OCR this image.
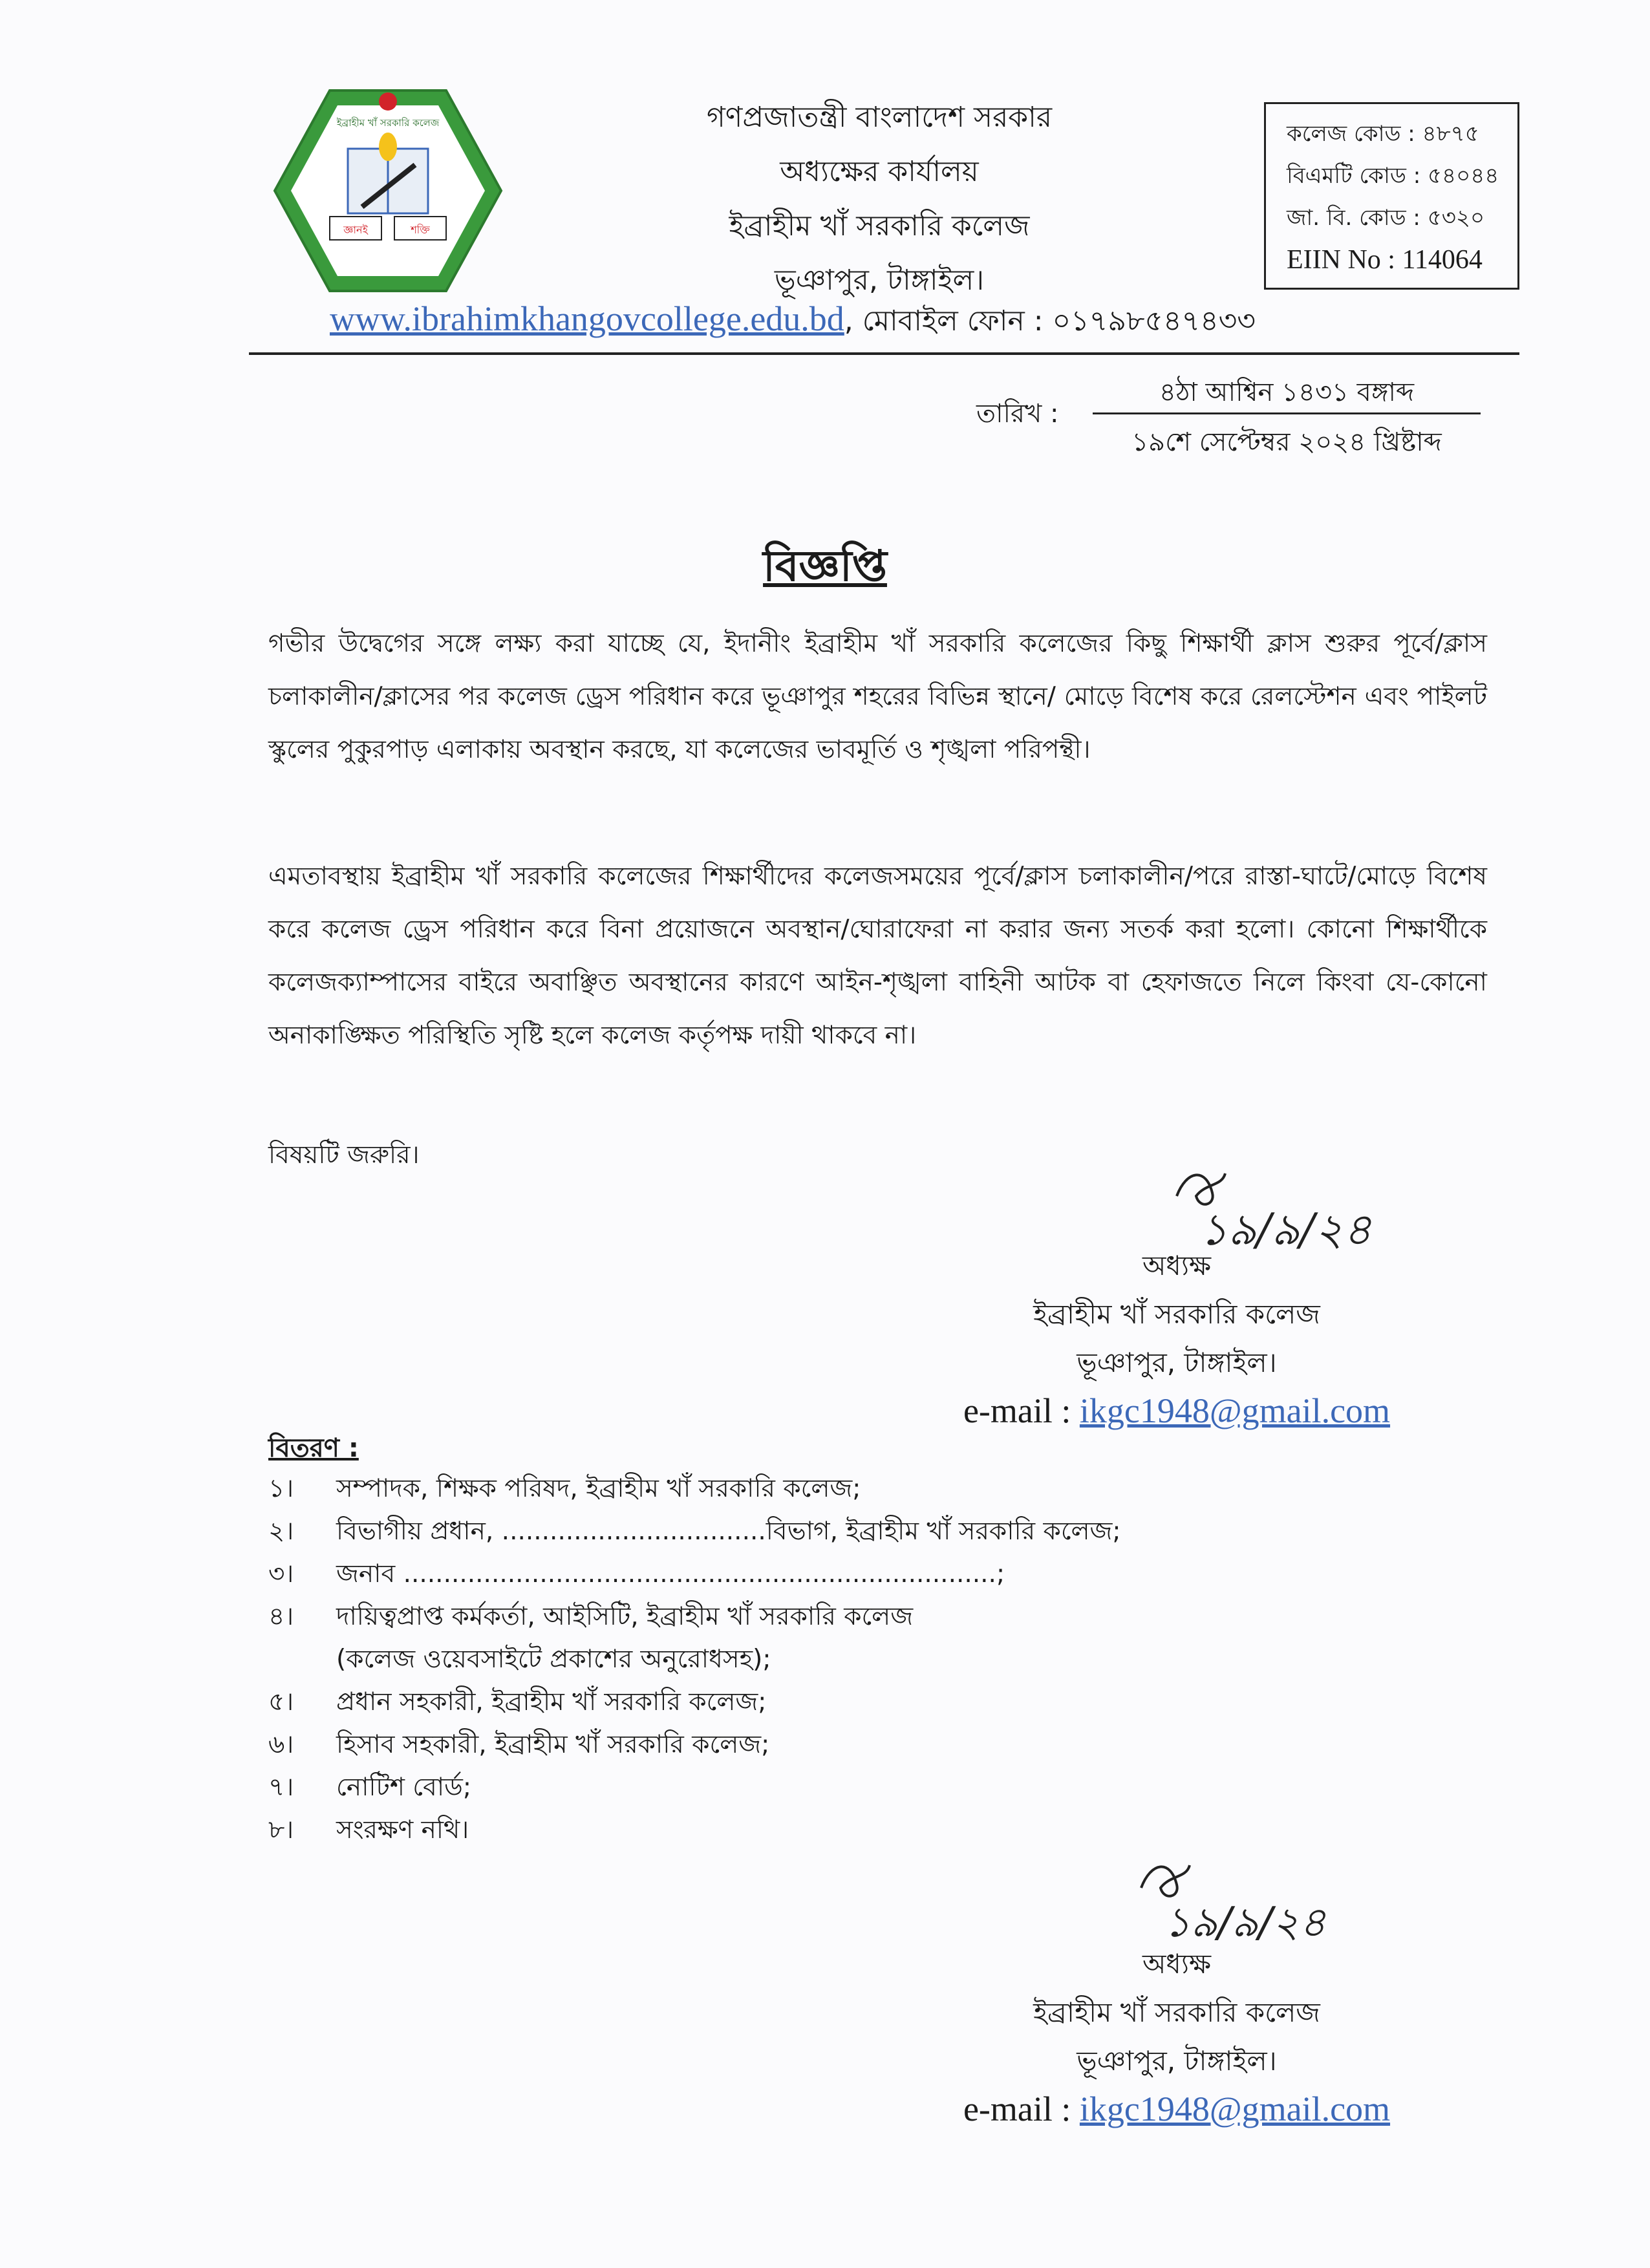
ইব্রাহীম খাঁ সরকারি কলেজ
জ্ঞানই	শক্তি
স্থাপিত-১৯৪৮
গণপ্রজাতন্ত্রী বাংলাদেশ সরকার
অধ্যক্ষের কার্যালয়
ইব্রাহীম খাঁ সরকারি কলেজ
ভূঞাপুর, টাঙ্গাইল।
কলেজ কোড : ৪৮৭৫
বিএমটি কোড : ৫৪০৪৪
জা. বি. কোড : ৫৩২০
EIIN No : 114064
www.ibrahimkhangovcollege.edu.bd, মোবাইল ফোন : ০১৭৯৮৫৪৭৪৩৩
তারিখ :
৪ঠা আশ্বিন ১৪৩১ বঙ্গাব্দ
১৯শে সেপ্টেম্বর ২০২৪ খ্রিষ্টাব্দ
বিজ্ঞপ্তি
গভীর উদ্বেগের সঙ্গে লক্ষ্য করা যাচ্ছে যে, ইদানীং ইব্রাহীম খাঁ সরকারি কলেজের কিছু শিক্ষার্থী ক্লাস শুরুর পূর্বে/ক্লাস চলাকালীন/ক্লাসের পর কলেজ ড্রেস পরিধান করে ভূঞাপুর শহরের বিভিন্ন স্থানে/ মোড়ে বিশেষ করে রেলস্টেশন এবং পাইলট স্কুলের পুকুরপাড় এলাকায় অবস্থান করছে, যা কলেজের ভাবমূর্তি ও শৃঙ্খলা পরিপন্থী।
এমতাবস্থায় ইব্রাহীম খাঁ সরকারি কলেজের শিক্ষার্থীদের কলেজসময়ের পূর্বে/ক্লাস চলাকালীন/পরে রাস্তা-ঘাটে/মোড়ে বিশেষ করে কলেজ ড্রেস পরিধান করে বিনা প্রয়োজনে অবস্থান/ঘোরাফেরা না করার জন্য সতর্ক করা হলো। কোনো শিক্ষার্থীকে কলেজক্যাম্পাসের বাইরে অবাঞ্ছিত অবস্থানের কারণে আইন-শৃঙ্খলা বাহিনী আটক বা হেফাজতে নিলে কিংবা যে-কোনো অনাকাঙ্ক্ষিত পরিস্থিতি সৃষ্টি হলে কলেজ কর্তৃপক্ষ দায়ী থাকবে না।
বিষয়টি জরুরি।
১৯/৯/২৪
অধ্যক্ষ
ইব্রাহীম খাঁ সরকারি কলেজ
ভূঞাপুর, টাঙ্গাইল।
e-mail : ikgc1948@gmail.com
বিতরণ :
১।	সম্পাদক, শিক্ষক পরিষদ, ইব্রাহীম খাঁ সরকারি কলেজ;
২।	বিভাগীয় প্রধান, .................................বিভাগ, ইব্রাহীম খাঁ সরকারি কলেজ;
৩।	জনাব ..........................................................................;
৪।	দায়িত্বপ্রাপ্ত কর্মকর্তা, আইসিটি, ইব্রাহীম খাঁ সরকারি কলেজ
(কলেজ ওয়েবসাইটে প্রকাশের অনুরোধসহ);
৫।	প্রধান সহকারী, ইব্রাহীম খাঁ সরকারি কলেজ;
৬।	হিসাব সহকারী, ইব্রাহীম খাঁ সরকারি কলেজ;
৭।	নোটিশ বোর্ড;
৮।	সংরক্ষণ নথি।
১৯/৯/২৪
অধ্যক্ষ
ইব্রাহীম খাঁ সরকারি কলেজ
ভূঞাপুর, টাঙ্গাইল।
e-mail : ikgc1948@gmail.com
